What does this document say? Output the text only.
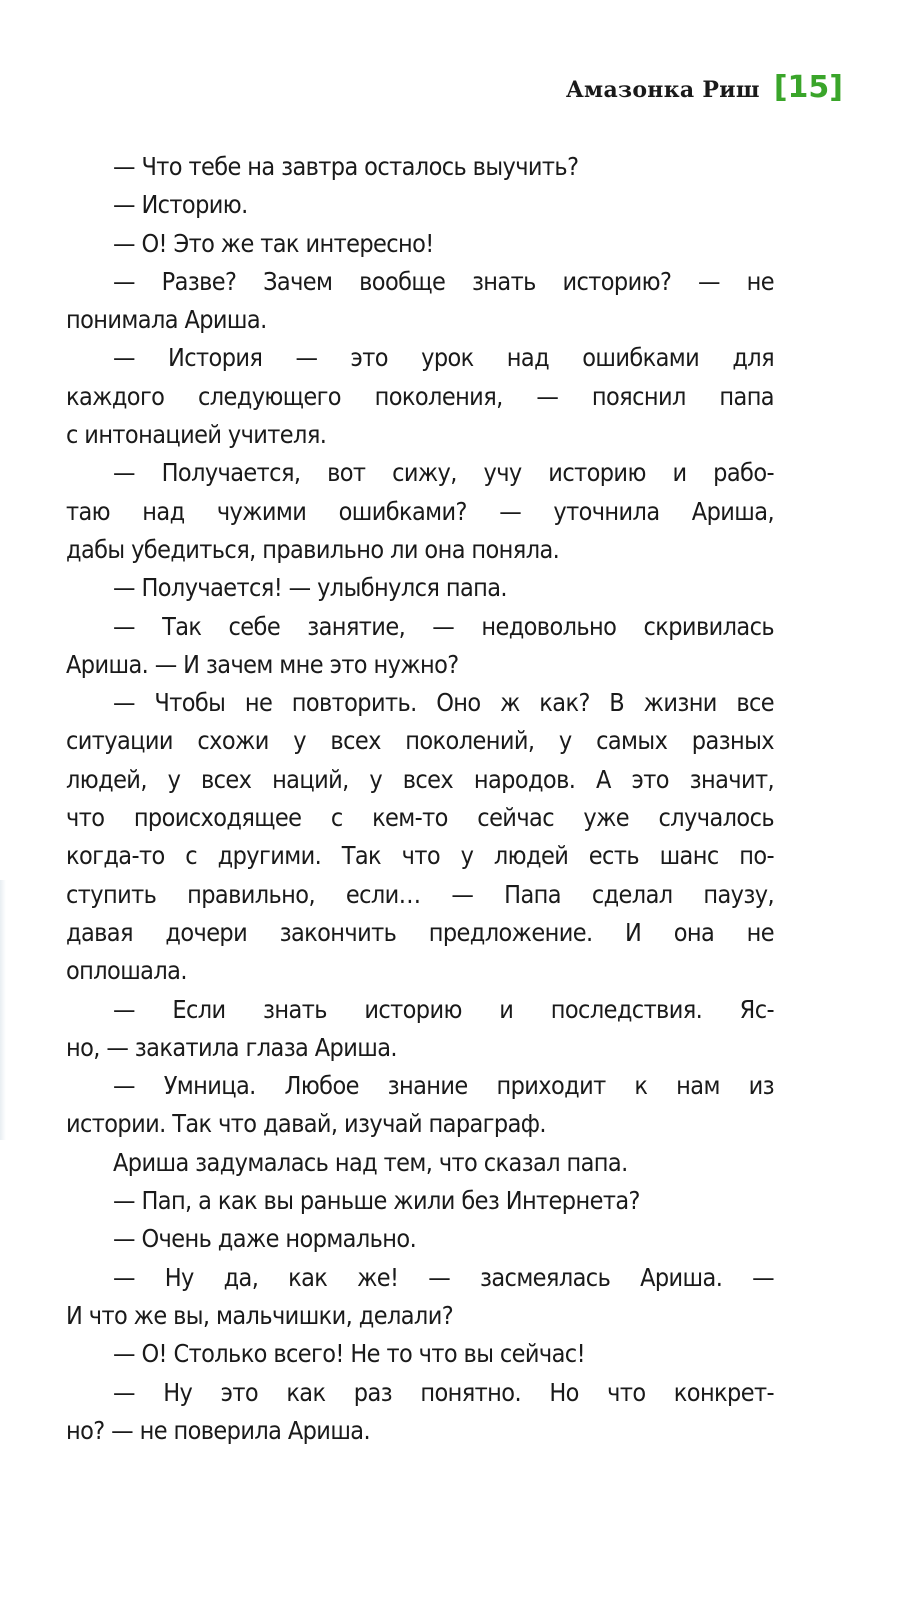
Амазонка Риш [15]
— Что тебе на завтра осталось выучить?
— Историю.
— О! Это же так интересно!
— Разве? Зачем вообще знать историю? — не
понимала Ариша.
— История — это урок над ошибками для
каждого следующего поколения, — пояснил папа
с интонацией учителя.
— Получается, вот сижу, учу историю и рабо-
таю над чужими ошибками? — уточнила Ариша,
дабы убедиться, правильно ли она поняла.
— Получается! — улыбнулся папа.
— Так себе занятие, — недовольно скривилась
Ариша. — И зачем мне это нужно?
— Чтобы не повторить. Оно ж как? В жизни все
ситуации схожи у всех поколений, у самых разных
людей, у всех наций, у всех народов. А это значит,
что происходящее с кем-то сейчас уже случалось
когда-то с другими. Так что у людей есть шанс по-
ступить правильно, если… — Папа сделал паузу,
давая дочери закончить предложение. И она не
оплошала.
— Если знать историю и последствия. Яс-
но, — закатила глаза Ариша.
— Умница. Любое знание приходит к нам из
истории. Так что давай, изучай параграф.
Ариша задумалась над тем, что сказал папа.
— Пап, а как вы раньше жили без Интернета?
— Очень даже нормально.
— Ну да, как же! — засмеялась Ариша. —
И что же вы, мальчишки, делали?
— О! Столько всего! Не то что вы сейчас!
— Ну это как раз понятно. Но что конкрет-
но? — не поверила Ариша.
